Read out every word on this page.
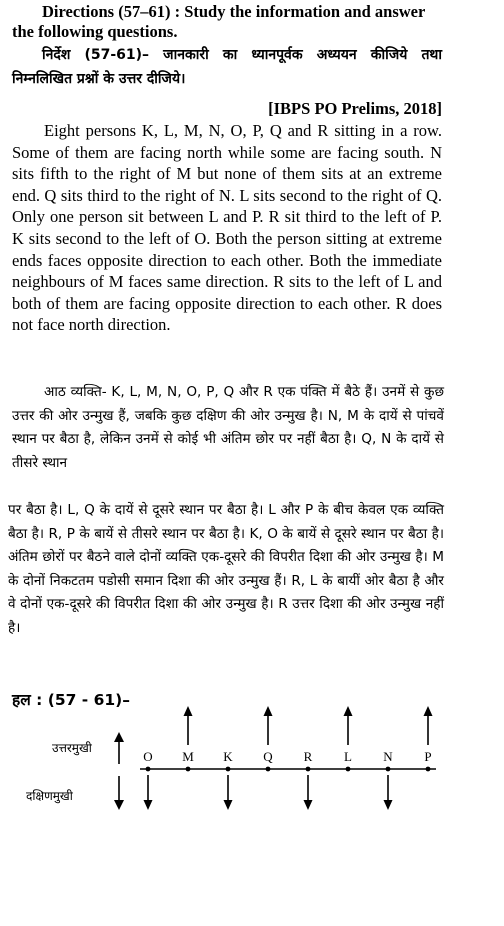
Directions (57–61) : Study the information and answer the following questions.
निर्देश (57-61)– जानकारी का ध्यानपूर्वक अध्ययन कीजिये तथा निम्नलिखित प्रश्नों के उत्तर दीजिये।
[IBPS PO Prelims, 2018]
Eight persons K, L, M, N, O, P, Q and R sitting in a row. Some of them are facing north while some are facing south. N sits fifth to the right of M but none of them sits at an extreme end. Q sits third to the right of N. L sits second to the right of Q. Only one person sit between L and P. R sit third to the left of P. K sits second to the left of O. Both the person sitting at extreme ends faces opposite direction to each other. Both the immediate neighbours of M faces same direction. R sits to the left of L and both of them are facing opposite direction to each other. R does not face north direction.
आठ व्यक्ति- K, L, M, N, O, P, Q और R एक पंक्ति में बैठे हैं। उनमें से कुछ उत्तर की ओर उन्मुख हैं, जबकि कुछ दक्षिण की ओर उन्मुख है। N, M के दायें से पांचवें स्थान पर बैठा है, लेकिन उनमें से कोई भी अंतिम छोर पर नहीं बैठा है। Q, N के दायें से तीसरे स्थान
पर बैठा है। L, Q के दायें से दूसरे स्थान पर बैठा है। L और P के बीच केवल एक व्यक्ति बैठा है। R, P के बायें से तीसरे स्थान पर बैठा है। K, O के बायें से दूसरे स्थान पर बैठा है। अंतिम छोरों पर बैठने वाले दोनों व्यक्ति एक-दूसरे की विपरीत दिशा की ओर उन्मुख है। M के दोनों निकटतम पडोसी समान दिशा की ओर उन्मुख हैं। R, L के बायीं ओर बैठा है और वे दोनों एक-दूसरे की विपरीत दिशा की ओर उन्मुख है। R उत्तर दिशा की ओर उन्मुख नहीं है।
हल : (57 - 61)–
उत्तरमुखी
दक्षिणमुखी
O M K Q R L N P
